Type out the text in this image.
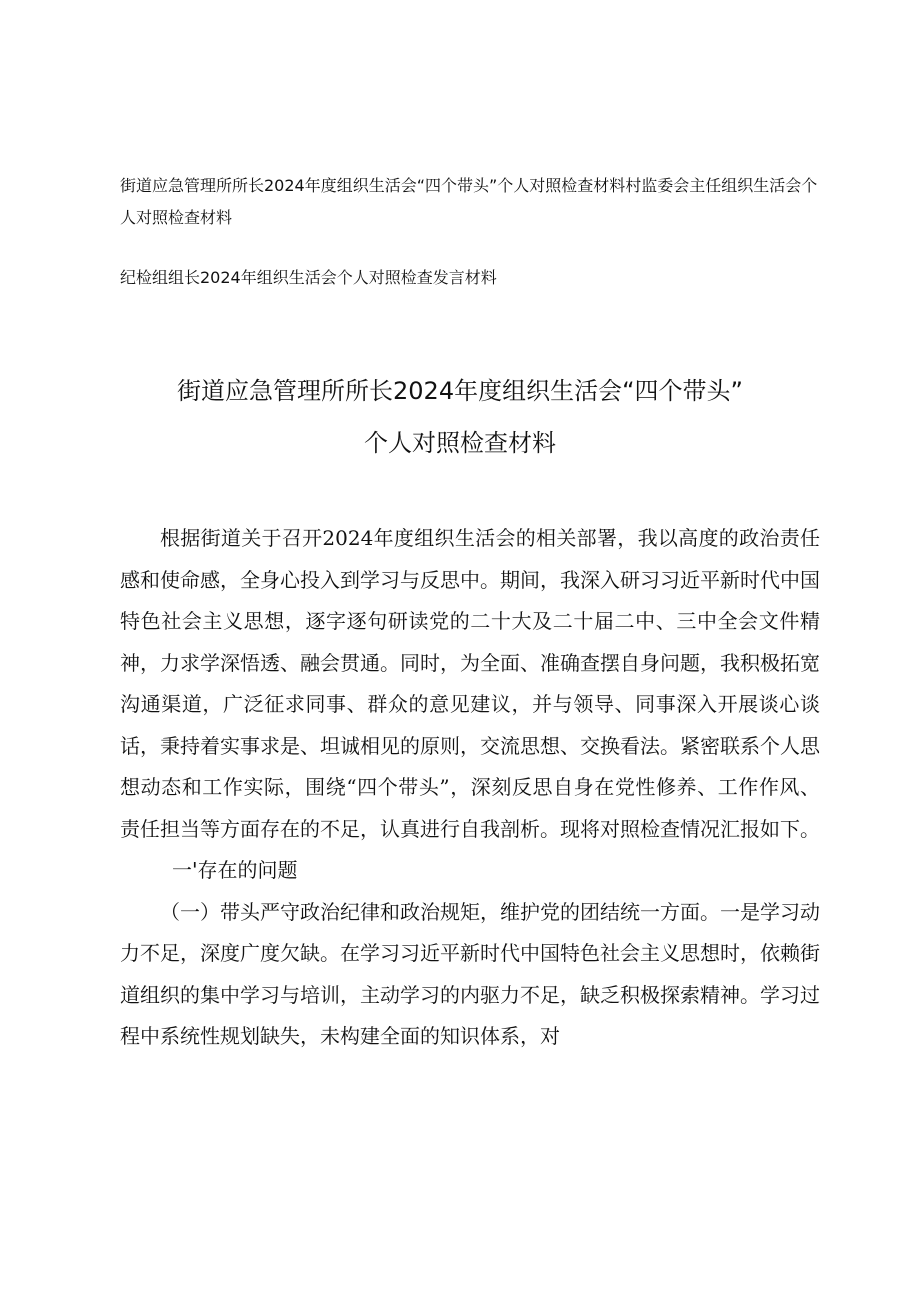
街道应急管理所所长2024年度组织生活会“四个带头”个人对照检查材料村监委会主任组织生活会个人对照检查材料
纪检组组长2024年组织生活会个人对照检查发言材料
街道应急管理所所长2024年度组织生活会“四个带头”
个人对照检查材料

根据街道关于召开2024年度组织生活会的相关部署，我以高度的政治责任感和使命感，全身心投入到学习与反思中。期间，我深入研习习近平新时代中国特色社会主义思想，逐字逐句研读党的二十大及二十届二中、三中全会文件精神，力求学深悟透、融会贯通。同时，为全面、准确查摆自身问题，我积极拓宽沟通渠道，广泛征求同事、群众的意见建议，并与领导、同事深入开展谈心谈话，秉持着实事求是、坦诚相见的原则，交流思想、交换看法。紧密联系个人思想动态和工作实际，围绕“四个带头”，深刻反思自身在党性修养、工作作风、责任担当等方面存在的不足，认真进行自我剖析。现将对照检查情况汇报如下。

一'存在的问题

（一）带头严守政治纪律和政治规矩，维护党的团结统一方面。一是学习动力不足，深度广度欠缺。在学习习近平新时代中国特色社会主义思想时，依赖街道组织的集中学习与培训，主动学习的内驱力不足，缺乏积极探索精神。学习过程中系统性规划缺失，未构建全面的知识体系，对
